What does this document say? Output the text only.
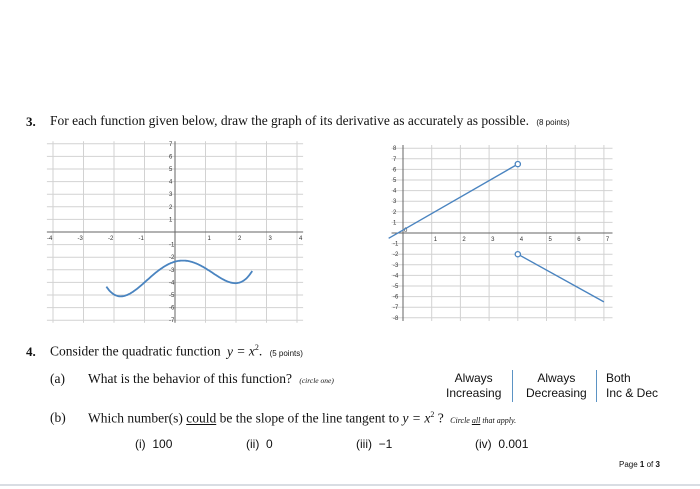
3. For each function given below, draw the graph of its derivative as accurately as possible. (8 points)
-4	-3	-2	-1	1	2	3	4
7
6
5
4
3
2
1
-1
-2
-3
-4
-5
-6
-7
1	2	3	4	5	6	7
0
8
7
6
5
4
3
2
1
-1
-2
-3
-4
-5
-6
-7
-8
4. Consider the quadratic function $y = x^2$. (5 points)
(a) What is the behavior of this function? (circle one)	Always
Increasing
Always
Decreasing
Both
Inc & Dec
(b) Which number(s) could be the slope of the line tangent to $y = x^2$ ? Circle all that apply.
(i) 100	(ii) 0	(iii) −1	(iv) 0.001
Page 1 of 3
